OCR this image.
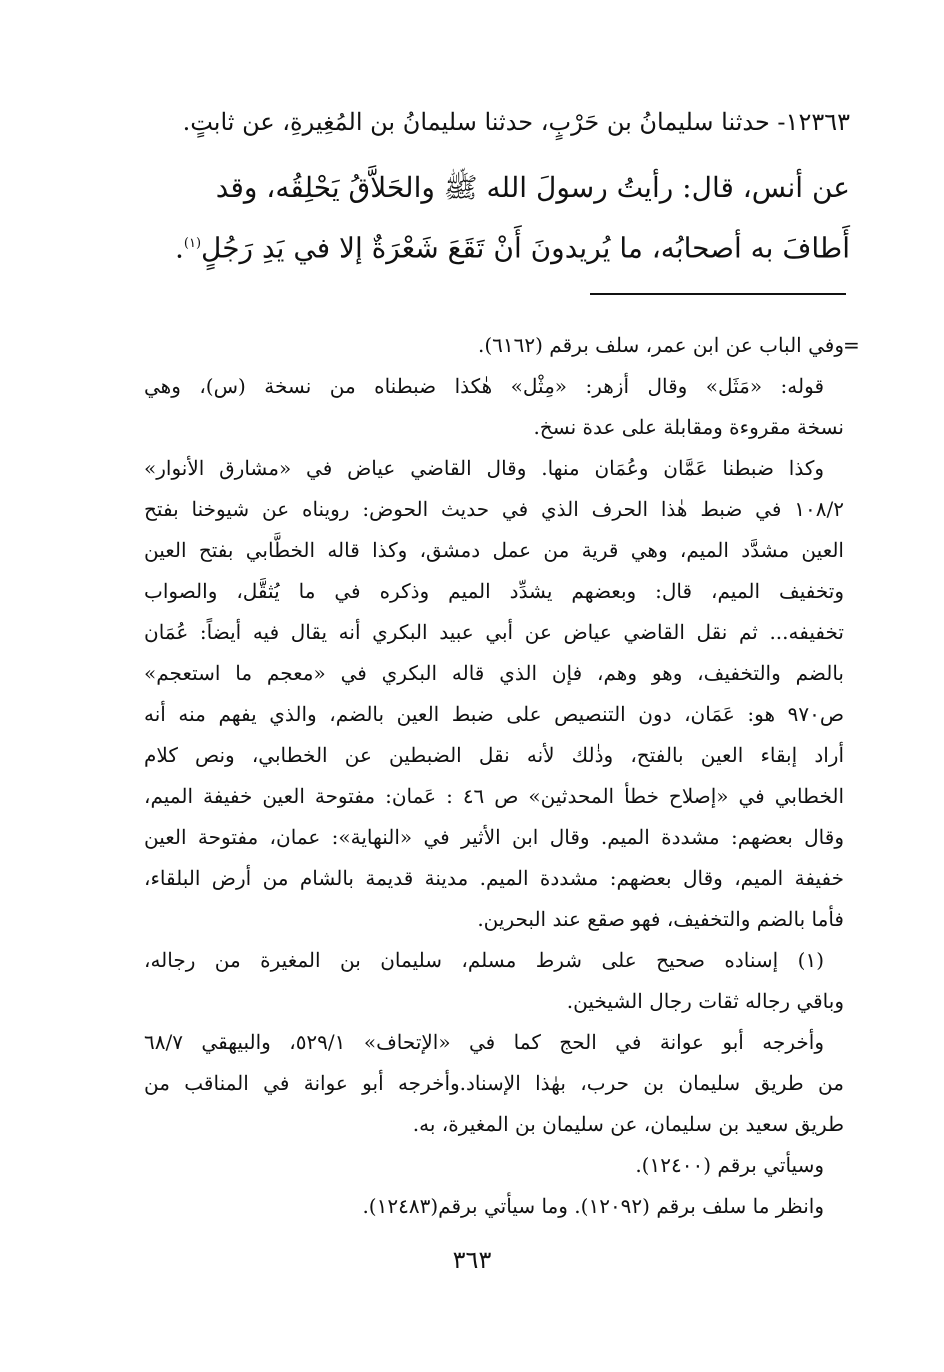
١٢٣٦٣- حدثنا سليمانُ بن حَرْبٍ، حدثنا سليمانُ بن المُغِيرةِ، عن ثابتٍ.
عن أنس، قال: رأيتُ رسولَ الله ﷺ والحَلاَّقُ يَحْلِقُه، وقد
أَطافَ به أصحابُه، ما يُريدونَ أَنْ تَقَعَ شَعْرَةٌ إلا في يَدِ رَجُلٍ$^{(١)}$.
=
وفي الباب عن ابن عمر، سلف برقم (٦١٦٢).
قوله: «مَثَل» وقال أزهر: «مِثْل» هٰكذا ضبطناه من نسخة (س)، وهي
نسخة مقروءة ومقابلة على عدة نسخ.
وكذا ضبطنا عَمَّان وعُمَان منها. وقال القاضي عياض في «مشارق الأنوار»
١٠٨/٢ في ضبط هٰذا الحرف الذي في حديث الحوض: رويناه عن شيوخنا بفتح
العين مشدَّد الميم، وهي قرية من عمل دمشق، وكذا قاله الخطَّابي بفتح العين
وتخفيف الميم، قال: وبعضهم يشدِّد الميم وذكره في ما يُثقَّل، والصواب
تخفيفه... ثم نقل القاضي عياض عن أبي عبيد البكري أنه يقال فيه أيضاً: عُمَان
بالضم والتخفيف، وهو وهم، فإن الذي قاله البكري في «معجم ما استعجم»
ص٩٧٠ هو: عَمَان، دون التنصيص على ضبط العين بالضم، والذي يفهم منه أنه
أراد إبقاء العين بالفتح، وذٰلك لأنه نقل الضبطين عن الخطابي، ونص كلام
الخطابي في «إصلاح خطأ المحدثين» ص ٤٦ : عَمان: مفتوحة العين خفيفة الميم،
وقال بعضهم: مشددة الميم. وقال ابن الأثير في «النهاية»: عمان، مفتوحة العين
خفيفة الميم، وقال بعضهم: مشددة الميم. مدينة قديمة بالشام من أرض البلقاء،
فأما بالضم والتخفيف، فهو صقع عند البحرين.
(١) إسناده صحيح على شرط مسلم، سليمان بن المغيرة من رجاله،
وباقي رجاله ثقات رجال الشيخين.
وأخرجه أبو عوانة في الحج كما في «الإتحاف» ٥٢٩/١، والبيهقي ٦٨/٧
من طريق سليمان بن حرب، بهٰذا الإسناد.وأخرجه أبو عوانة في المناقب من
طريق سعيد بن سليمان، عن سليمان بن المغيرة، به.
وسيأتي برقم (١٢٤٠٠).
وانظر ما سلف برقم (١٢٠٩٢). وما سيأتي برقم(١٢٤٨٣).
٣٦٣
